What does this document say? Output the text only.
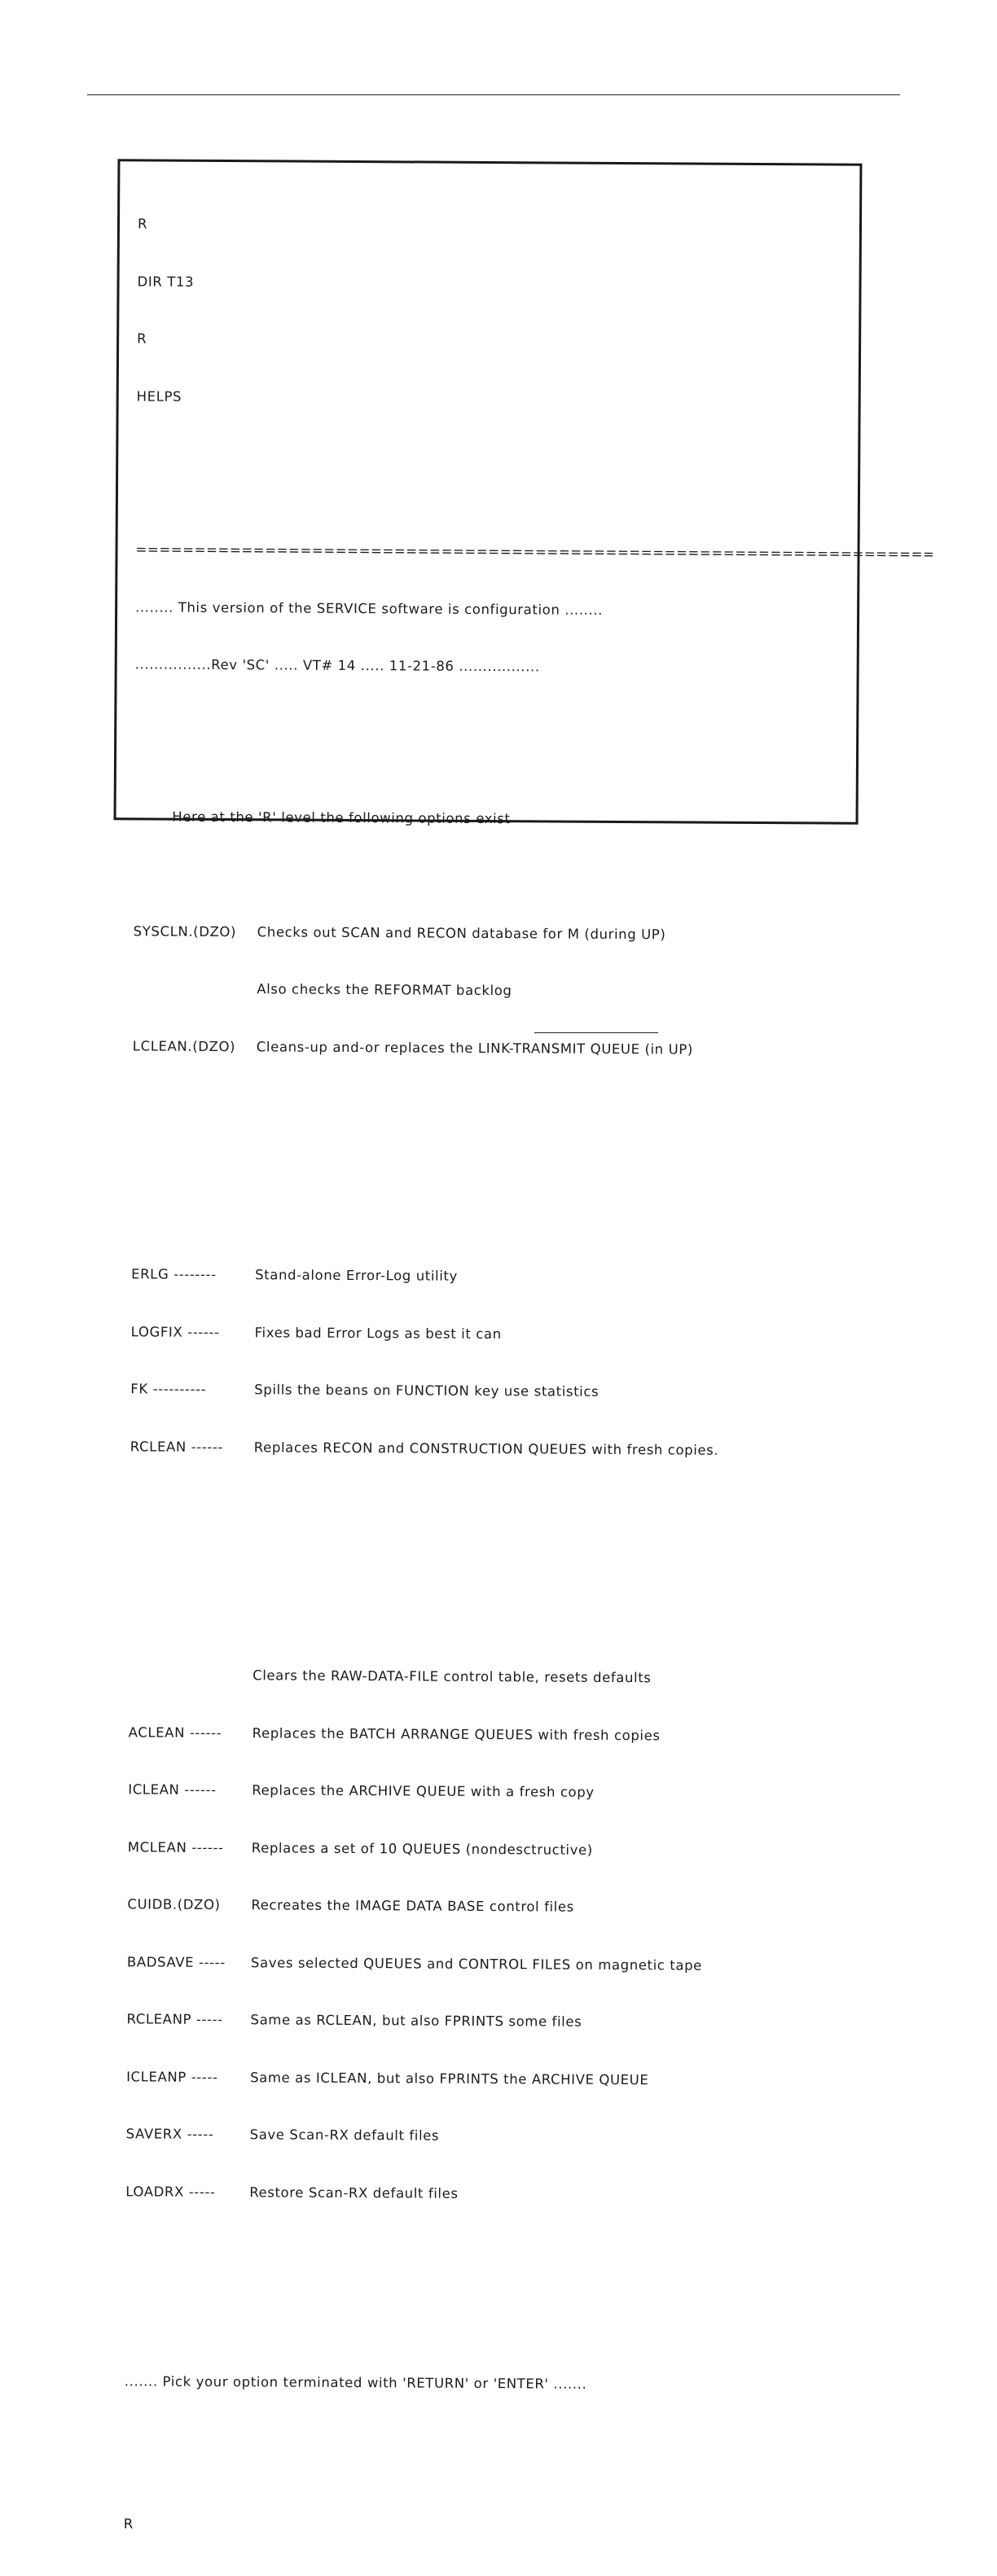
R

DIR T13

R

HELPS

====================================================================

........ This version of the SERVICE software is configuration ........

................Rev 'SC' ..... VT# 14 ..... 11-21-86 .................

Here at the 'R' level the following options exist

SYSCLN.(DZO) Checks out SCAN and RECON database for M (during UP)

Also checks the REFORMAT backlog

LCLEAN.(DZO) Cleans-up and-or replaces the LINK-TRANSMIT QUEUE (in UP)

ERLG --------	Stand-alone Error-Log utility

LOGFIX ------	Fixes bad Error Logs as best it can

FK ----------	Spills the beans on FUNCTION key use statistics

RCLEAN ------ Replaces RECON and CONSTRUCTION QUEUES with fresh copies.

Clears the RAW-DATA-FILE control table, resets defaults

ACLEAN ------ Replaces the BATCH ARRANGE QUEUES with fresh copies

ICLEAN ------	Replaces the ARCHIVE QUEUE with a fresh copy

MCLEAN ------ Replaces a set of 10 QUEUES (nondesctructive)

CUIDB.(DZO) Recreates the IMAGE DATA BASE control files

BADSAVE ----- Saves selected QUEUES and CONTROL FILES on magnetic tape

RCLEANP ----- Same as RCLEAN, but also FPRINTS some files

ICLEANP ----- Same as ICLEAN, but also FPRINTS the ARCHIVE QUEUE

SAVERX -----	Save Scan-RX default files

LOADRX -----	Restore Scan-RX default files

....... Pick your option terminated with 'RETURN' or 'ENTER' .......

R
